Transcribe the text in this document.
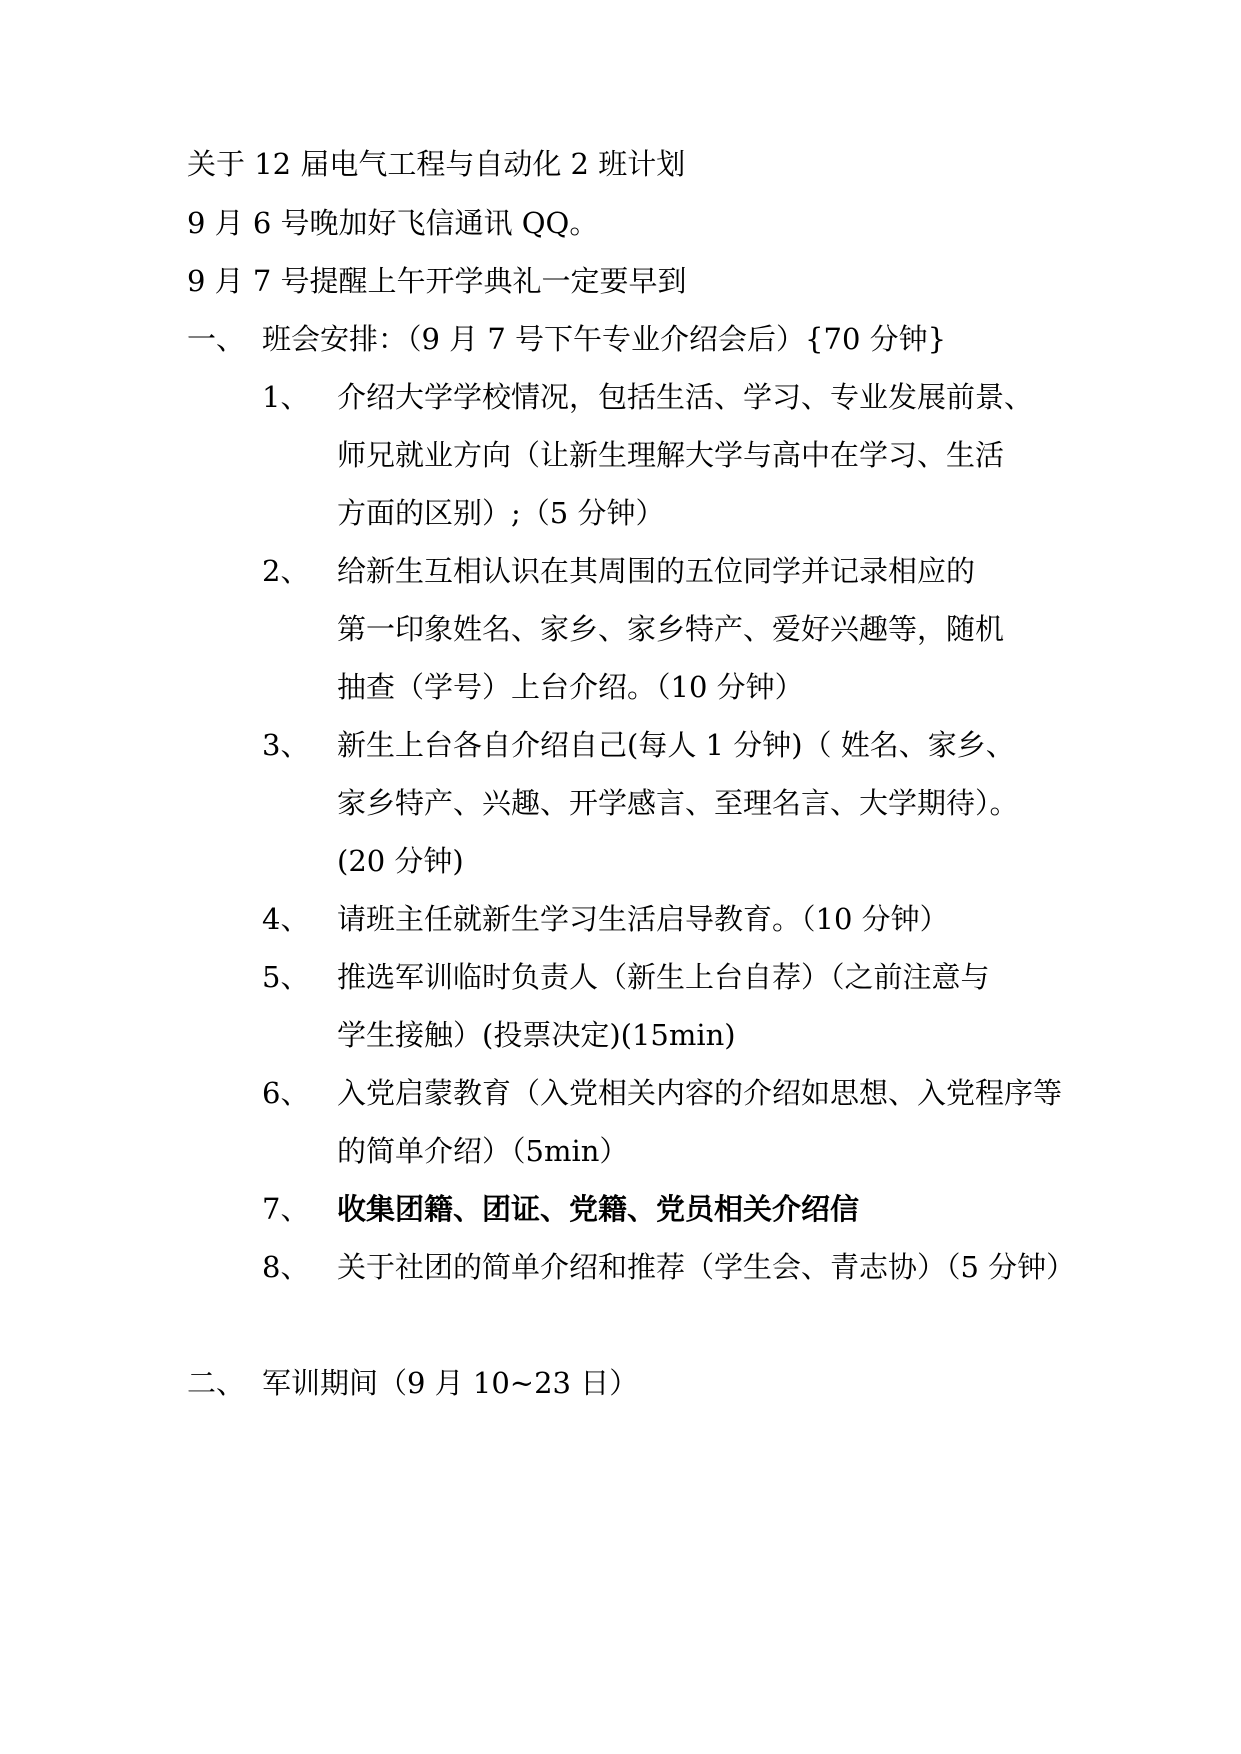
关于 12 届电气工程与自动化 2 班计划
9 月 6 号晚加好飞信通讯 QQ。
9 月 7 号提醒上午开学典礼一定要早到
一、 班会安排：（9 月 7 号下午专业介绍会后）{70 分钟}
1、 介绍大学学校情况，包括生活、学习、专业发展前景、
师兄就业方向（让新生理解大学与高中在学习、生活
方面的区别）;（5 分钟）
2、 给新生互相认识在其周围的五位同学并记录相应的
第一印象姓名、家乡、家乡特产、爱好兴趣等，随机
抽查（学号）上台介绍。（10 分钟）
3、 新生上台各自介绍自己(每人 1 分钟)（ 姓名、家乡、
家乡特产、兴趣、开学感言、至理名言、大学期待）。
(20 分钟)
4、 请班主任就新生学习生活启导教育。（10 分钟）
5、 推选军训临时负责人（新生上台自荐）（之前注意与
学生接触）(投票决定)(15min)
6、 入党启蒙教育（入党相关内容的介绍如思想、入党程序等
的简单介绍）（5min）
7、 收集团籍、团证、党籍、党员相关介绍信
8、 关于社团的简单介绍和推荐（学生会、青志协）（5 分钟）
二、 军训期间（9 月 10~23 日）
